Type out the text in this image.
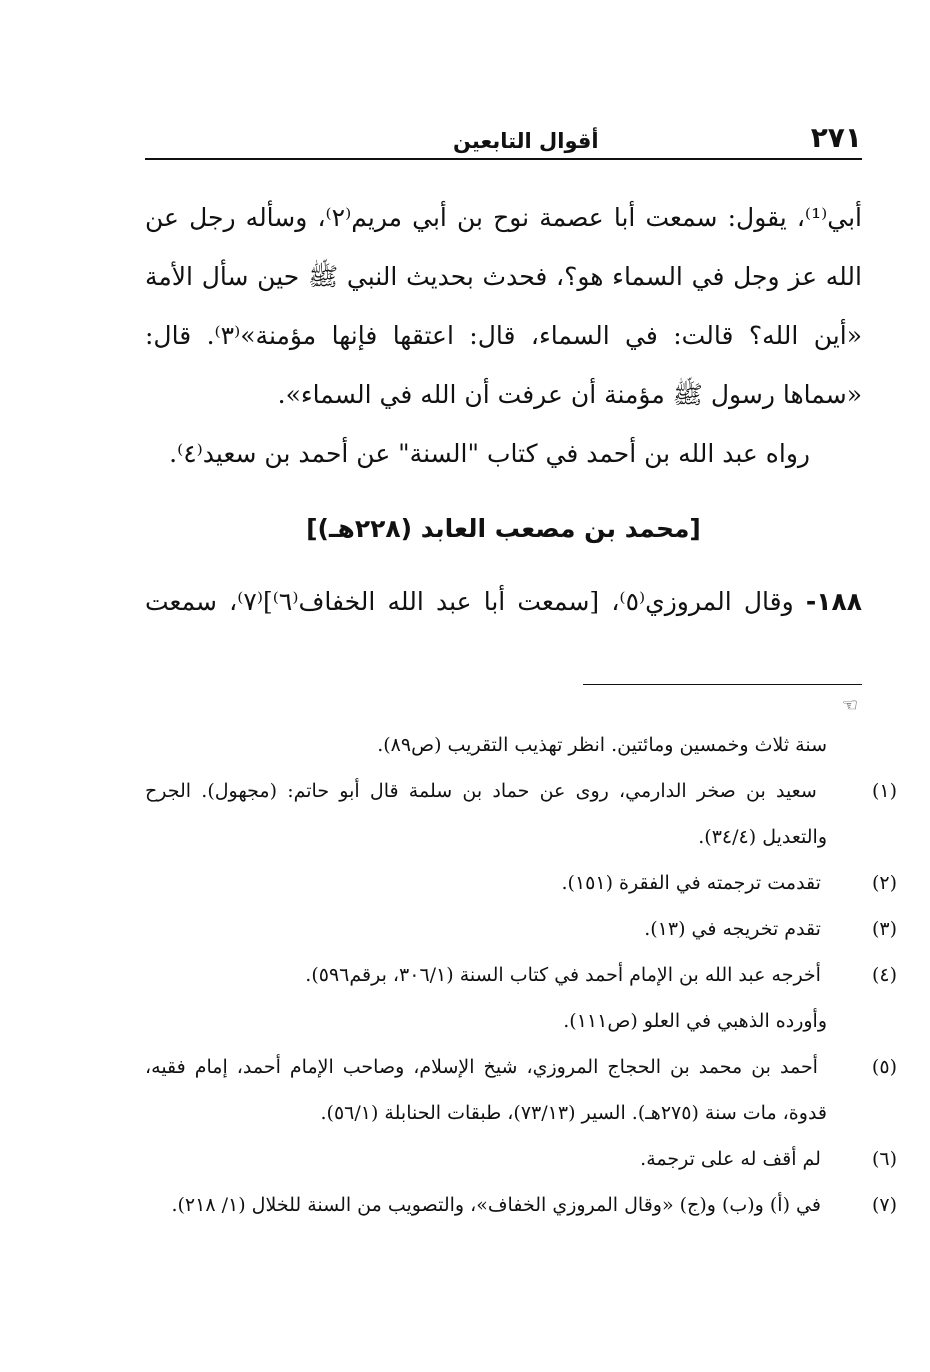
٢٧١
أقوال التابعين
أبي⁽¹⁾، يقول: سمعت أبا عصمة نوح بن أبي مريم⁽٢⁾، وسأله رجل عن الله عز وجل في السماء هو؟، فحدث بحديث النبي ﷺ حين سأل الأمة «أين الله؟ قالت: في السماء، قال: اعتقها فإنها مؤمنة»⁽٣⁾. قال: «سماها رسول ﷺ مؤمنة أن عرفت أن الله في السماء».
رواه عبد الله بن أحمد في كتاب "السنة" عن أحمد بن سعيد⁽٤⁾.
[محمد بن مصعب العابد (٢٢٨هـ)]
١٨٨- وقال المروزي⁽٥⁾، [سمعت أبا عبد الله الخفاف⁽٦⁾]⁽٧⁾، سمعت
☜
سنة ثلاث وخمسين ومائتين. انظر تهذيب التقريب (ص٨٩).
(١) سعيد بن صخر الدارمي، روى عن حماد بن سلمة قال أبو حاتم: (مجهول). الجرح والتعديل (٣٤/٤).
(٢) تقدمت ترجمته في الفقرة (١٥١).
(٣) تقدم تخريجه في (١٣).
(٤) أخرجه عبد الله بن الإمام أحمد في كتاب السنة (٣٠٦/١، برقم٥٩٦).
وأورده الذهبي في العلو (ص١١١).
(٥) أحمد بن محمد بن الحجاج المروزي، شيخ الإسلام، وصاحب الإمام أحمد، إمام فقيه، قدوة، مات سنة (٢٧٥هـ). السير (٧٣/١٣)، طبقات الحنابلة (٥٦/١).
(٦) لم أقف له على ترجمة.
(٧) في (أ) و(ب) و(ج) «وقال المروزي الخفاف»، والتصويب من السنة للخلال (١/ ٢١٨).
